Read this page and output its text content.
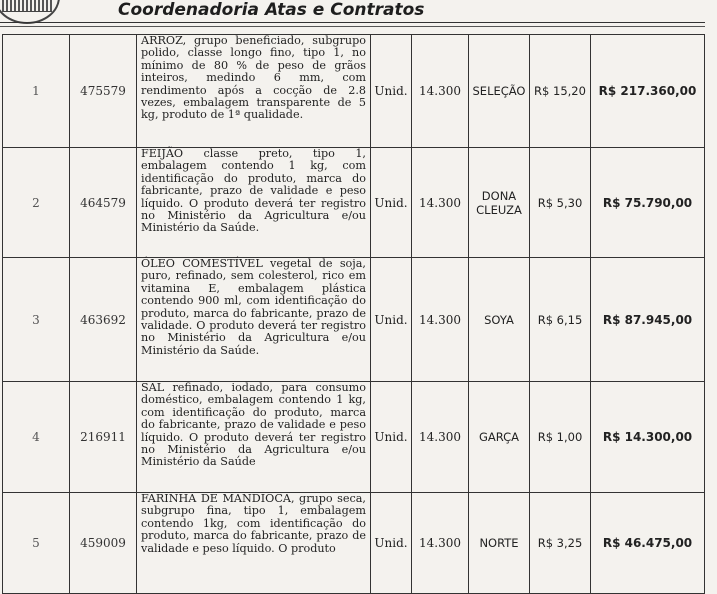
Coordenadoria Atas e Contratos
1	475579	ARROZ, grupo beneficiado, subgrupo polido, classe longo fino, tipo 1, no mínimo de 80 % de peso de grãos inteiros, medindo 6 mm, com rendimento após a cocção de 2.8 vezes, embalagem transparente de 5 kg, produto de 1ª qualidade.	Unid.	14.300	SELEÇÃO	R$ 15,20	R$ 217.360,00
2	464579	FEIJÃO classe preto, tipo 1, embalagem contendo 1 kg, com identificação do produto, marca do fabricante, prazo de validade e peso líquido. O produto deverá ter registro no Ministério da Agricultura e/ou Ministério da Saúde.	Unid.	14.300	DONA CLEUZA	R$ 5,30	R$ 75.790,00
3	463692	ÓLEO COMESTÍVEL vegetal de soja, puro, refinado, sem colesterol, rico em vitamina E, embalagem plástica contendo 900 ml, com identificação do produto, marca do fabricante, prazo de validade. O produto deverá ter registro no Ministério da Agricultura e/ou Ministério da Saúde.	Unid.	14.300	SOYA	R$ 6,15	R$ 87.945,00
4	216911	SAL refinado, iodado, para consumo doméstico, embalagem contendo 1 kg, com identificação do produto, marca do fabricante, prazo de validade e peso líquido. O produto deverá ter registro no Ministério da Agricultura e/ou Ministério da Saúde	Unid.	14.300	GARÇA	R$ 1,00	R$ 14.300,00
5	459009	FARINHA DE MANDIOCA, grupo seca, subgrupo fina, tipo 1, embalagem contendo 1kg, com identificação do produto, marca do fabricante, prazo de validade e peso líquido. O produto	Unid.	14.300	NORTE	R$ 3,25	R$ 46.475,00
